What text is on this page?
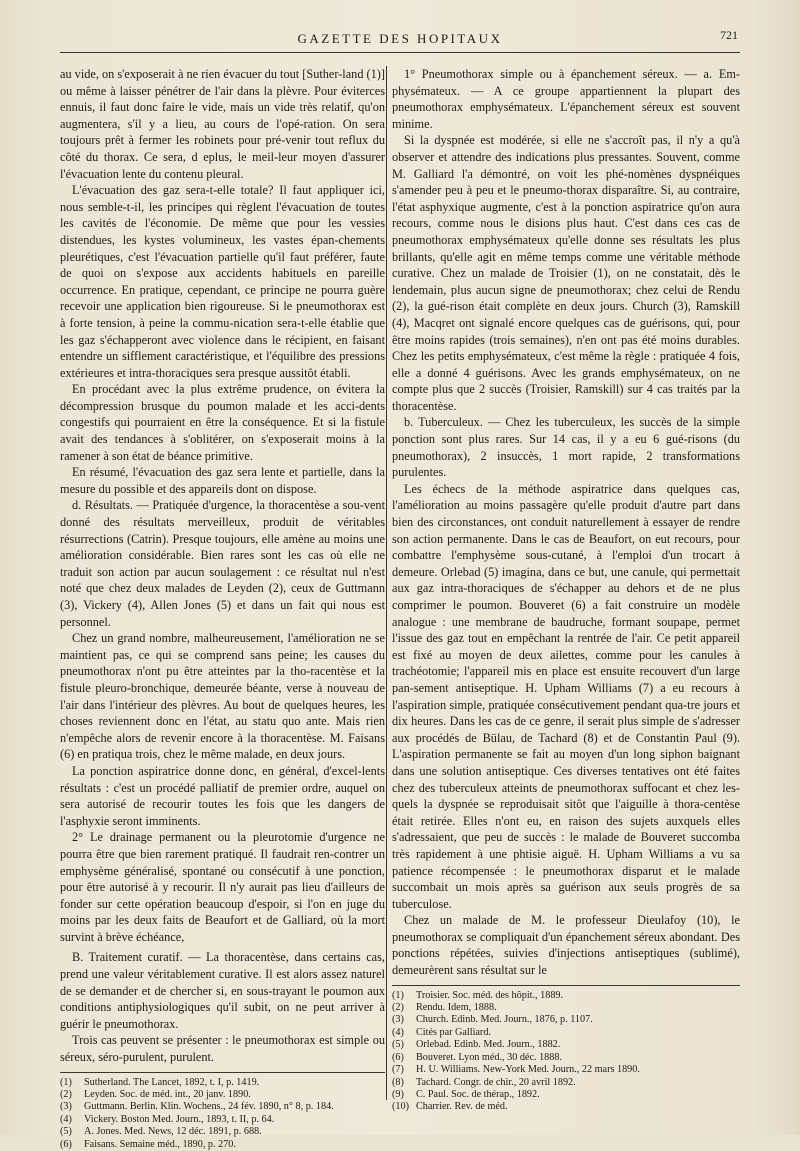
GAZETTE DES HOPITAUX	721

au vide, on s'exposerait à ne rien évacuer du tout [Suther-land (1)] ou même à laisser pénétrer de l'air dans la plèvre. Pour éviterces ennuis, il faut donc faire le vide, mais un vide très relatif, qu'on augmentera, s'il y a lieu, au cours de l'opé-ration. On sera toujours prêt à fermer les robinets pour pré-venir tout reflux du côté du thorax. Ce sera, d eplus, le meil-leur moyen d'assurer l'évacuation lente du contenu pleural.

L'évacuation des gaz sera-t-elle totale? Il faut appliquer ici, nous semble-t-il, les principes qui règlent l'évacuation de toutes les cavités de l'économie. De même que pour les vessies distendues, les kystes volumineux, les vastes épan-chements pleurétiques, c'est l'évacuation partielle qu'il faut préférer, faute de quoi on s'expose aux accidents habituels en pareille occurrence. En pratique, cependant, ce principe ne pourra guère recevoir une application bien rigoureuse. Si le pneumothorax est à forte tension, à peine la commu-nication sera-t-elle établie que les gaz s'échapperont avec violence dans le récipient, en faisant entendre un sifflement caractéristique, et l'équilibre des pressions extérieures et intra-thoraciques sera presque aussitôt établi.

En procédant avec la plus extrême prudence, on évitera la décompression brusque du poumon malade et les acci-dents congestifs qui pourraient en être la conséquence. Et si la fistule avait des tendances à s'oblitérer, on s'exposerait moins à la ramener à son état de béance primitive.

En résumé, l'évacuation des gaz sera lente et partielle, dans la mesure du possible et des appareils dont on dispose.

d. Résultats. — Pratiquée d'urgence, la thoracentèse a sou-vent donné des résultats merveilleux, produit de véritables résurrections (Catrin). Presque toujours, elle amène au moins une amélioration considérable. Bien rares sont les cas où elle ne traduit son action par aucun soulagement : ce résultat nul n'est noté que chez deux malades de Leyden (2), ceux de Guttmann (3), Vickery (4), Allen Jones (5) et dans un fait qui nous est personnel.

Chez un grand nombre, malheureusement, l'amélioration ne se maintient pas, ce qui se comprend sans peine; les causes du pneumothorax n'ont pu être atteintes par la tho-racentèse et la fistule pleuro-bronchique, demeurée béante, verse à nouveau de l'air dans l'intérieur des plèvres. Au bout de quelques heures, les choses reviennent donc en l'état, au statu quo ante. Mais rien n'empêche alors de revenir encore à la thoracentèse. M. Faisans (6) en pratiqua trois, chez le même malade, en deux jours.

La ponction aspiratrice donne donc, en général, d'excel-lents résultats : c'est un procédé palliatif de premier ordre, auquel on sera autorisé de recourir toutes les fois que les dangers de l'asphyxie seront imminents.

2° Le drainage permanent ou la pleurotomie d'urgence ne pourra être que bien rarement pratiqué. Il faudrait ren-contrer un emphysème généralisé, spontané ou consécutif à une ponction, pour être autorisé à y recourir. Il n'y aurait pas lieu d'ailleurs de fonder sur cette opération beaucoup d'espoir, si l'on en juge du moins par les deux faits de Beaufort et de Galliard, où la mort survint à brève échéance,

B. Traitement curatif. — La thoracentèse, dans certains cas, prend une valeur véritablement curative. Il est alors assez naturel de se demander et de chercher si, en sous-trayant le poumon aux conditions antiphysiologiques qu'il subit, on ne peut arriver à guérir le pneumothorax.

Trois cas peuvent se présenter : le pneumothorax est simple ou séreux, séro-purulent, purulent.

(1)	Sutherland. The Lancet, 1892, t. I, p. 1419.
(2)	Leyden. Soc. de méd. int., 20 janv. 1890.
(3)	Guttmann. Berlin. Klin. Wochens., 24 fév. 1890, n° 8, p. 184.
(4)	Vickery. Boston Med. Journ., 1893, t. II, p. 64.
(5)	A. Jones. Med. News, 12 déc. 1891, p. 688.
(6)	Faisans. Semaine méd., 1890, p. 270.

1° Pneumothorax simple ou à épanchement séreux. — a. Em-physémateux. — A ce groupe appartiennent la plupart des pneumothorax emphysémateux. L'épanchement séreux est souvent minime.

Si la dyspnée est modérée, si elle ne s'accroît pas, il n'y a qu'à observer et attendre des indications plus pressantes. Souvent, comme M. Galliard l'a démontré, on voit les phé-nomènes dyspnéiques s'amender peu à peu et le pneumo-thorax disparaître. Si, au contraire, l'état asphyxique augmente, c'est à la ponction aspiratrice qu'on aura recours, comme nous le disions plus haut. C'est dans ces cas de pneumothorax emphysémateux qu'elle donne ses résultats les plus brillants, qu'elle agit en même temps comme une véritable méthode curative. Chez un malade de Troisier (1), on ne constatait, dès le lendemain, plus aucun signe de pneumothorax; chez celui de Rendu (2), la gué-rison était complète en deux jours. Church (3), Ramskill (4), Macqret ont signalé encore quelques cas de guérisons, qui, pour être moins rapides (trois semaines), n'en ont pas été moins durables. Chez les petits emphysémateux, c'est même la règle : pratiquée 4 fois, elle a donné 4 guérisons. Avec les grands emphysémateux, on ne compte plus que 2 succès (Troisier, Ramskill) sur 4 cas traités par la thoracentèse.

b. Tuberculeux. — Chez les tuberculeux, les succès de la simple ponction sont plus rares. Sur 14 cas, il y a eu 6 gué-risons (du pneumothorax), 2 insuccès, 1 mort rapide, 2 transformations purulentes.

Les échecs de la méthode aspiratrice dans quelques cas, l'amélioration au moins passagère qu'elle produit d'autre part dans bien des circonstances, ont conduit naturellement à essayer de rendre son action permanente. Dans le cas de Beaufort, on eut recours, pour combattre l'emphysème sous-cutané, à l'emploi d'un trocart à demeure. Orlebad (5) imagina, dans ce but, une canule, qui permettait aux gaz intra-thoraciques de s'échapper au dehors et de ne plus comprimer le poumon. Bouveret (6) a fait construire un modèle analogue : une membrane de baudruche, formant soupape, permet l'issue des gaz tout en empêchant la rentrée de l'air. Ce petit appareil est fixé au moyen de deux ailettes, comme pour les canules à trachéotomie; l'appareil mis en place est ensuite recouvert d'un large pan-sement antiseptique. H. Upham Williams (7) a eu recours à l'aspiration simple, pratiquée consécutivement pendant qua-tre jours et dix heures. Dans les cas de ce genre, il serait plus simple de s'adresser aux procédés de Bülau, de Tachard (8) et de Constantin Paul (9). L'aspiration permanente se fait au moyen d'un long siphon baignant dans une solution antiseptique. Ces diverses tentatives ont été faites chez des tuberculeux atteints de pneumothorax suffocant et chez les-quels la dyspnée se reproduisait sitôt que l'aiguille à thora-centèse était retirée. Elles n'ont eu, en raison des sujets auxquels elles s'adressaient, que peu de succès : le malade de Bouveret succomba très rapidement à une phtisie aiguë. H. Upham Williams a vu sa patience récompensée : le pneumothorax disparut et le malade succombait un mois après sa guérison aux seuls progrès de sa tuberculose.

Chez un malade de M. le professeur Dieulafoy (10), le pneumothorax se compliquait d'un épanchement séreux abondant. Des ponctions répétées, suivies d'injections antiseptiques (sublimé), demeurèrent sans résultat sur le

(1)	Troisier. Soc. méd. des hôpit., 1889.
(2)	Rendu. Idem, 1888.
(3)	Church. Edinb. Med. Journ., 1876, p. 1107.
(4)	Cités par Galliard.
(5)	Orlebad. Edinb. Med. Journ., 1882.
(6)	Bouveret. Lyon méd., 30 déc. 1888.
(7)	H. U. Williams. New-York Med. Journ., 22 mars 1890.
(8)	Tachard. Congr. de chir., 20 avril 1892.
(9)	C. Paul. Soc. de thérap., 1892.
(10) Charrier. Rev. de méd.
